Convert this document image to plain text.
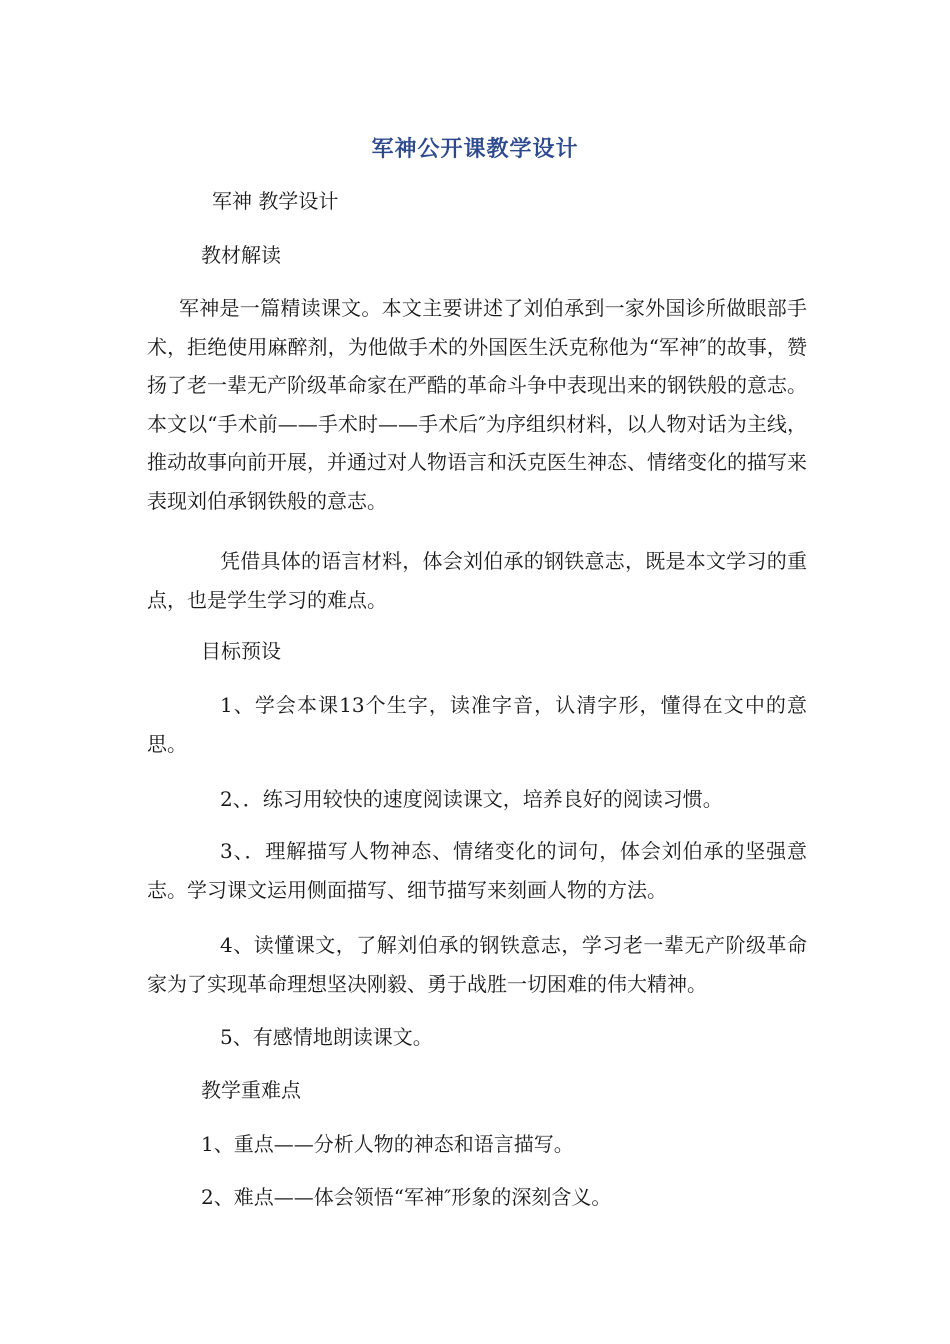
军神公开课教学设计
军神 教学设计
教材解读
军神是一篇精读课文。本文主要讲述了刘伯承到一家外国诊所做眼部手术，拒绝使用麻醉剂，为他做手术的外国医生沃克称他为“军神″的故事，赞扬了老一辈无产阶级革命家在严酷的革命斗争中表现出来的钢铁般的意志。本文以“手术前——手术时——手术后″为序组织材料，以人物对话为主线，推动故事向前开展，并通过对人物语言和沃克医生神态、情绪变化的描写来表现刘伯承钢铁般的意志。
凭借具体的语言材料，体会刘伯承的钢铁意志，既是本文学习的重点，也是学生学习的难点。
目标预设
1、学会本课13个生字，读准字音，认清字形，懂得在文中的意思。
2、．练习用较快的速度阅读课文，培养良好的阅读习惯。
3、．理解描写人物神态、情绪变化的词句，体会刘伯承的坚强意志。学习课文运用侧面描写、细节描写来刻画人物的方法。
4、读懂课文，了解刘伯承的钢铁意志，学习老一辈无产阶级革命家为了实现革命理想坚决刚毅、勇于战胜一切困难的伟大精神。
5、有感情地朗读课文。
教学重难点
1、重点——分析人物的神态和语言描写。
2、难点——体会领悟“军神″形象的深刻含义。
